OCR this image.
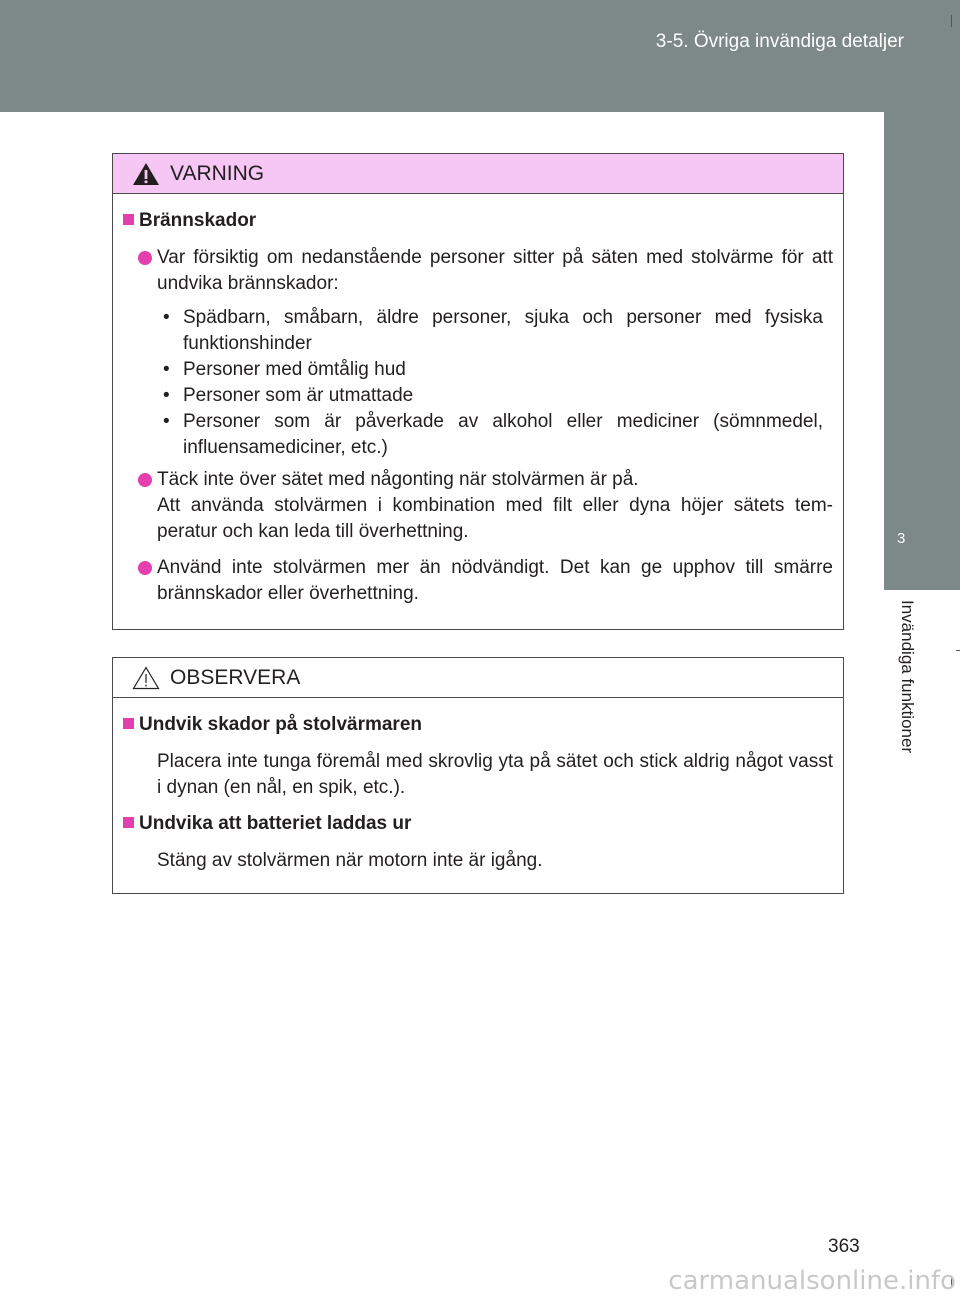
3-5. Övriga invändiga detaljer
3
Invändiga funktioner
VARNING
Brännskador
Var försiktig om nedanstående personer sitter på säten med stolvärme för att undvika brännskador:
• Spädbarn, småbarn, äldre personer, sjuka och personer med fysiska funktionshinder
• Personer med ömtålig hud
• Personer som är utmattade
• Personer som är påverkade av alkohol eller mediciner (sömnmedel, influensamediciner, etc.)
Täck inte över sätet med någonting när stolvärmen är på.
Att använda stolvärmen i kombination med filt eller dyna höjer sätets tem-peratur och kan leda till överhettning.
Använd inte stolvärmen mer än nödvändigt. Det kan ge upphov till smärre brännskador eller överhettning.
OBSERVERA
Undvik skador på stolvärmaren
Placera inte tunga föremål med skrovlig yta på sätet och stick aldrig något vasst i dynan (en nål, en spik, etc.).
Undvika att batteriet laddas ur
Stäng av stolvärmen när motorn inte är igång.
363
carmanualsonline.info
